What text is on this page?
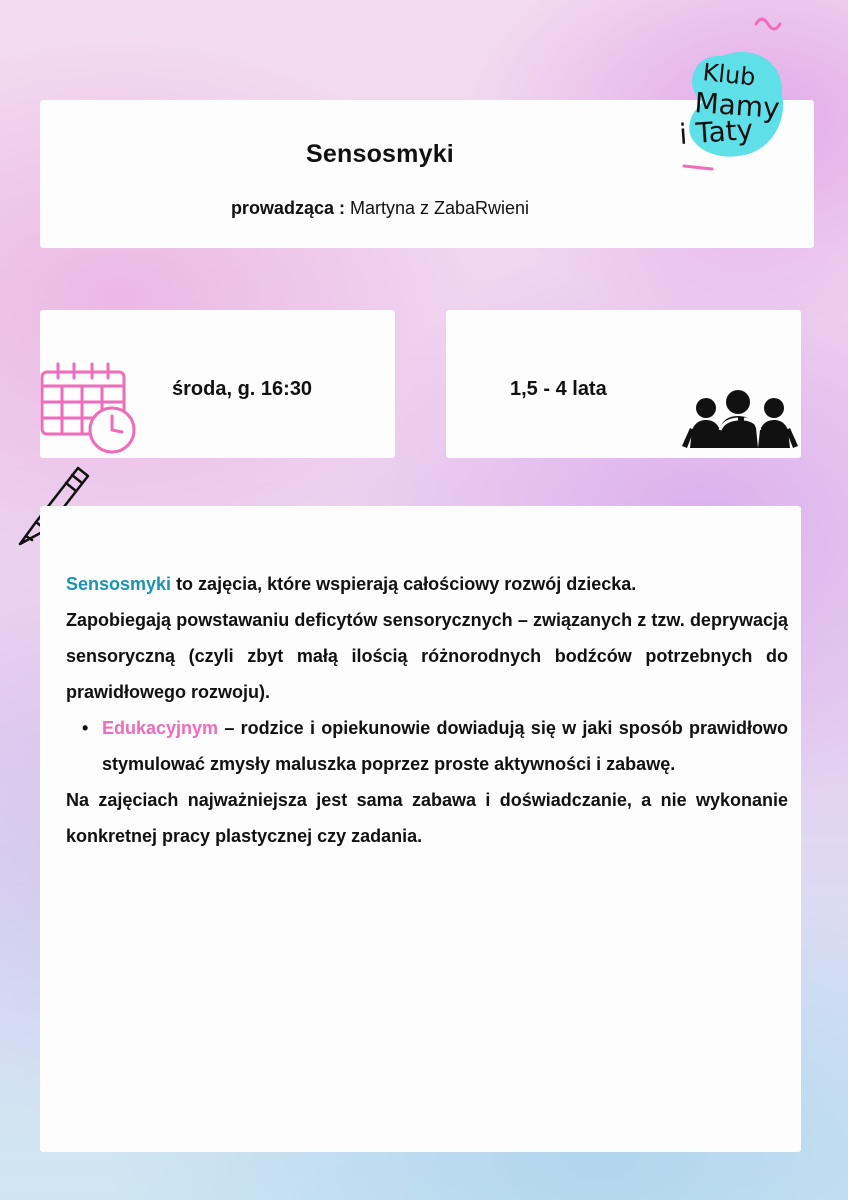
Sensosmyki
prowadząca : Martyna z ZabaRwieni
Klub
Mamy
i Taty
środa, g. 16:30	1,5 - 4 lata

Sensosmyki to zajęcia, które wspierają całościowy rozwój dziecka.

Zapobiegają powstawaniu deficytów sensorycznych – związanych z tzw. deprywacją sensoryczną (czyli zbyt małą ilością różnorodnych bodźców potrzebnych do prawidłowego rozwoju).

• Edukacyjnym – rodzice i opiekunowie dowiadują się w jaki sposób prawidłowo stymulować zmysły maluszka poprzez proste aktywności i zabawę.

Na zajęciach najważniejsza jest sama zabawa i doświadczanie, a nie wykonanie konkretnej pracy plastycznej czy zadania.
